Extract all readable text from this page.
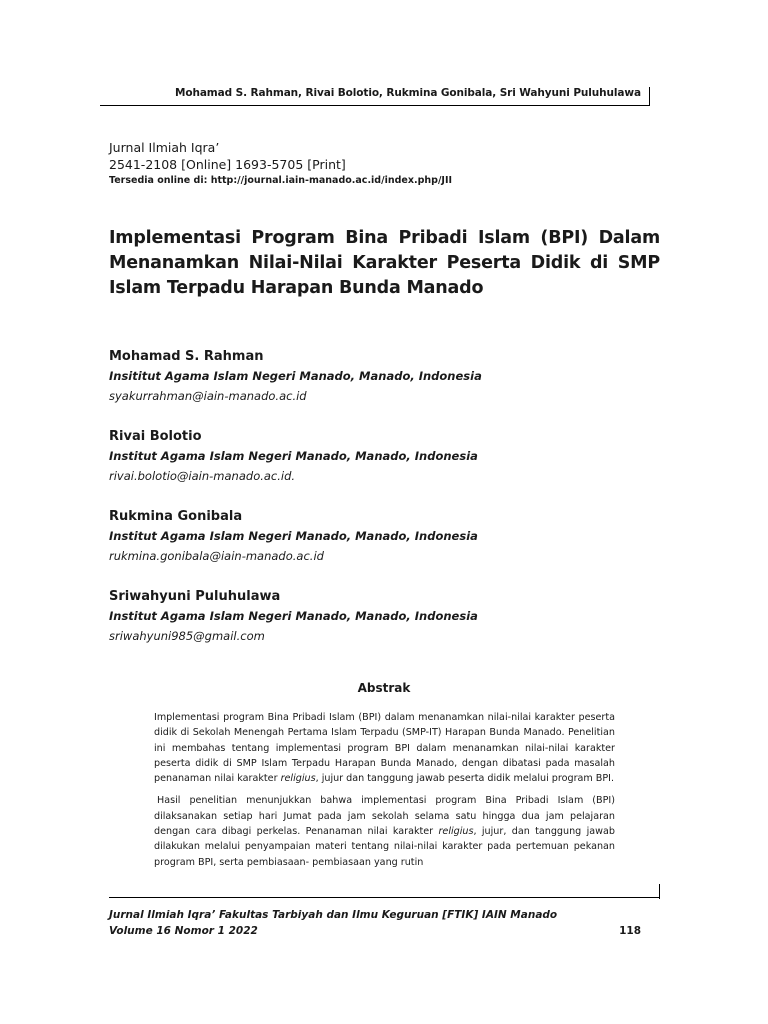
Mohamad S. Rahman, Rivai Bolotio, Rukmina Gonibala, Sri Wahyuni Puluhulawa

Jurnal Ilmiah Iqra’

2541-2108 [Online] 1693-5705 [Print]

Tersedia online di: http://journal.iain-manado.ac.id/index.php/JII

Implementasi Program Bina Pribadi Islam (BPI) Dalam Menanamkan Nilai-Nilai Karakter Peserta Didik di SMP Islam Terpadu Harapan Bunda Manado

Mohamad S. Rahman

Insititut Agama Islam Negeri Manado, Manado, Indonesia

syakurrahman@iain-manado.ac.id

Rivai Bolotio

Institut Agama Islam Negeri Manado, Manado, Indonesia

rivai.bolotio@iain-manado.ac.id.

Rukmina Gonibala

Institut Agama Islam Negeri Manado, Manado, Indonesia

rukmina.gonibala@iain-manado.ac.id

Sriwahyuni Puluhulawa

Institut Agama Islam Negeri Manado, Manado, Indonesia

sriwahyuni985@gmail.com

Abstrak

Implementasi program Bina Pribadi Islam (BPI) dalam menanamkan nilai-nilai karakter peserta didik di Sekolah Menengah Pertama Islam Terpadu (SMP-IT) Harapan Bunda Manado. Penelitian ini membahas tentang implementasi program BPI dalam menanamkan nilai-nilai karakter peserta didik di SMP Islam Terpadu Harapan Bunda Manado, dengan dibatasi pada masalah penanaman nilai karakter religius, jujur dan tanggung jawab peserta didik melalui program BPI.

Hasil penelitian menunjukkan bahwa implementasi program Bina Pribadi Islam (BPI) dilaksanakan setiap hari Jumat pada jam sekolah selama satu hingga dua jam pelajaran dengan cara dibagi perkelas. Penanaman nilai karakter religius, jujur, dan tanggung jawab dilakukan melalui penyampaian materi tentang nilai-nilai karakter pada pertemuan pekanan program BPI, serta pembiasaan- pembiasaan yang rutin

Jurnal Ilmiah Iqra’ Fakultas Tarbiyah dan Ilmu Keguruan [FTIK] IAIN Manado
Volume 16 Nomor 1 2022	118
